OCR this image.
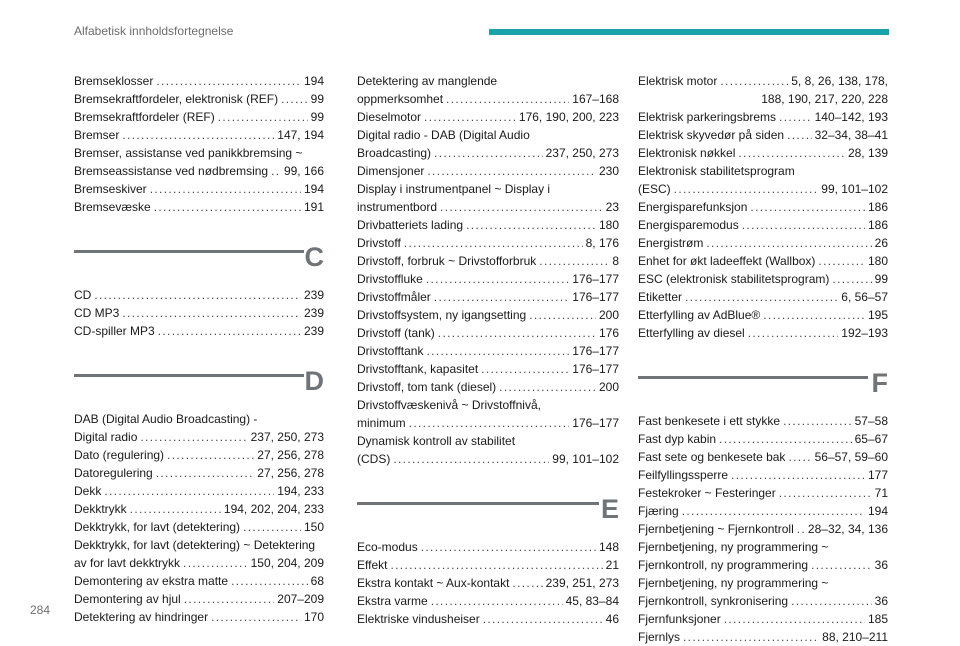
Alfabetisk innholdsfortegnelse
Bremseklosser . . .	194
Bremsekraftfordeler, elektronisk (REF) . . .	99
Bremsekraftfordeler (REF) . . .	99
Bremser . . .	147, 194
Bremser, assistanse ved panikkbremsing ~
Bremseassistanse ved nødbremsing . . . 99, 166
Bremseskiver . . .	194
Bremsevæske . . .	191
C
CD . . .	239
CD MP3 . . .	239
CD-spiller MP3 . . .	239
D
DAB (Digital Audio Broadcasting) -
Digital radio . . .	237, 250, 273
Dato (regulering) . . .	27, 256, 278
Datoregulering . . .	27, 256, 278
Dekk . . .	194, 233
Dekktrykk . . .	194, 202, 204, 233
Dekktrykk, for lavt (detektering) . . .	150
Dekktrykk, for lavt (detektering) ~ Detektering
av for lavt dekktrykk . . .	150, 204, 209
Demontering av ekstra matte . . .	68
Demontering av hjul . . .	207–209
Detektering av hindringer . . .	170
Detektering av manglende
oppmerksomhet . . .	167–168
Dieselmotor . . .	176, 190, 200, 223
Digital radio - DAB (Digital Audio
Broadcasting) . . .	237, 250, 273
Dimensjoner . . .	230
Display i instrumentpanel ~ Display i
instrumentbord . . .	23
Drivbatteriets lading . . .	180
Drivstoff . . .	8, 176
Drivstoff, forbruk ~ Drivstofforbruk . . .	8
Drivstoffluke . . .	176–177
Drivstoffmåler . . .	176–177
Drivstoffsystem, ny igangsetting . . .	200
Drivstoff (tank) . . .	176
Drivstofftank . . .	176–177
Drivstofftank, kapasitet . . .	176–177
Drivstoff, tom tank (diesel) . . .	200
Drivstoffvæskenivå ~ Drivstoffnivå,
minimum . . .	176–177
Dynamisk kontroll av stabilitet
(CDS) . . .	99, 101–102
E
Eco-modus . . .	148
Effekt . . .	21
Ekstra kontakt ~ Aux-kontakt . . .	239, 251, 273
Ekstra varme . . .	45, 83–84
Elektriske vindusheiser . . .	46
Elektrisk motor . . .	5, 8, 26, 138, 178,
188, 190, 217, 220, 228
Elektrisk parkeringsbrems . . .	140–142, 193
Elektrisk skyvedør på siden . . .	32–34, 38–41
Elektronisk nøkkel . . .	28, 139
Elektronisk stabilitetsprogram
(ESC) . . .	99, 101–102
Energisparefunksjon . . .	186
Energisparemodus . . .	186
Energistrøm . . .	26
Enhet for økt ladeeffekt (Wallbox) . . .	180
ESC (elektronisk stabilitetsprogram) . . .	99
Etiketter . . .	6, 56–57
Etterfylling av AdBlue® . . .	195
Etterfylling av diesel . . .	192–193
F
Fast benkesete i ett stykke . . .	57–58
Fast dyp kabin . . .	65–67
Fast sete og benkesete bak . . . 56–57, 59–60
Feilfyllingssperre . . .	177
Festekroker ~ Festeringer . . .	71
Fjæring . . .	194
Fjernbetjening ~ Fjernkontroll . . . 28–32, 34, 136
Fjernbetjening, ny programmering ~
Fjernkontroll, ny programmering . . .	36
Fjernbetjening, ny programmering ~
Fjernkontroll, synkronisering . . .	36
Fjernfunksjoner . . .	185
Fjernlys . . .	88, 210–211
284
